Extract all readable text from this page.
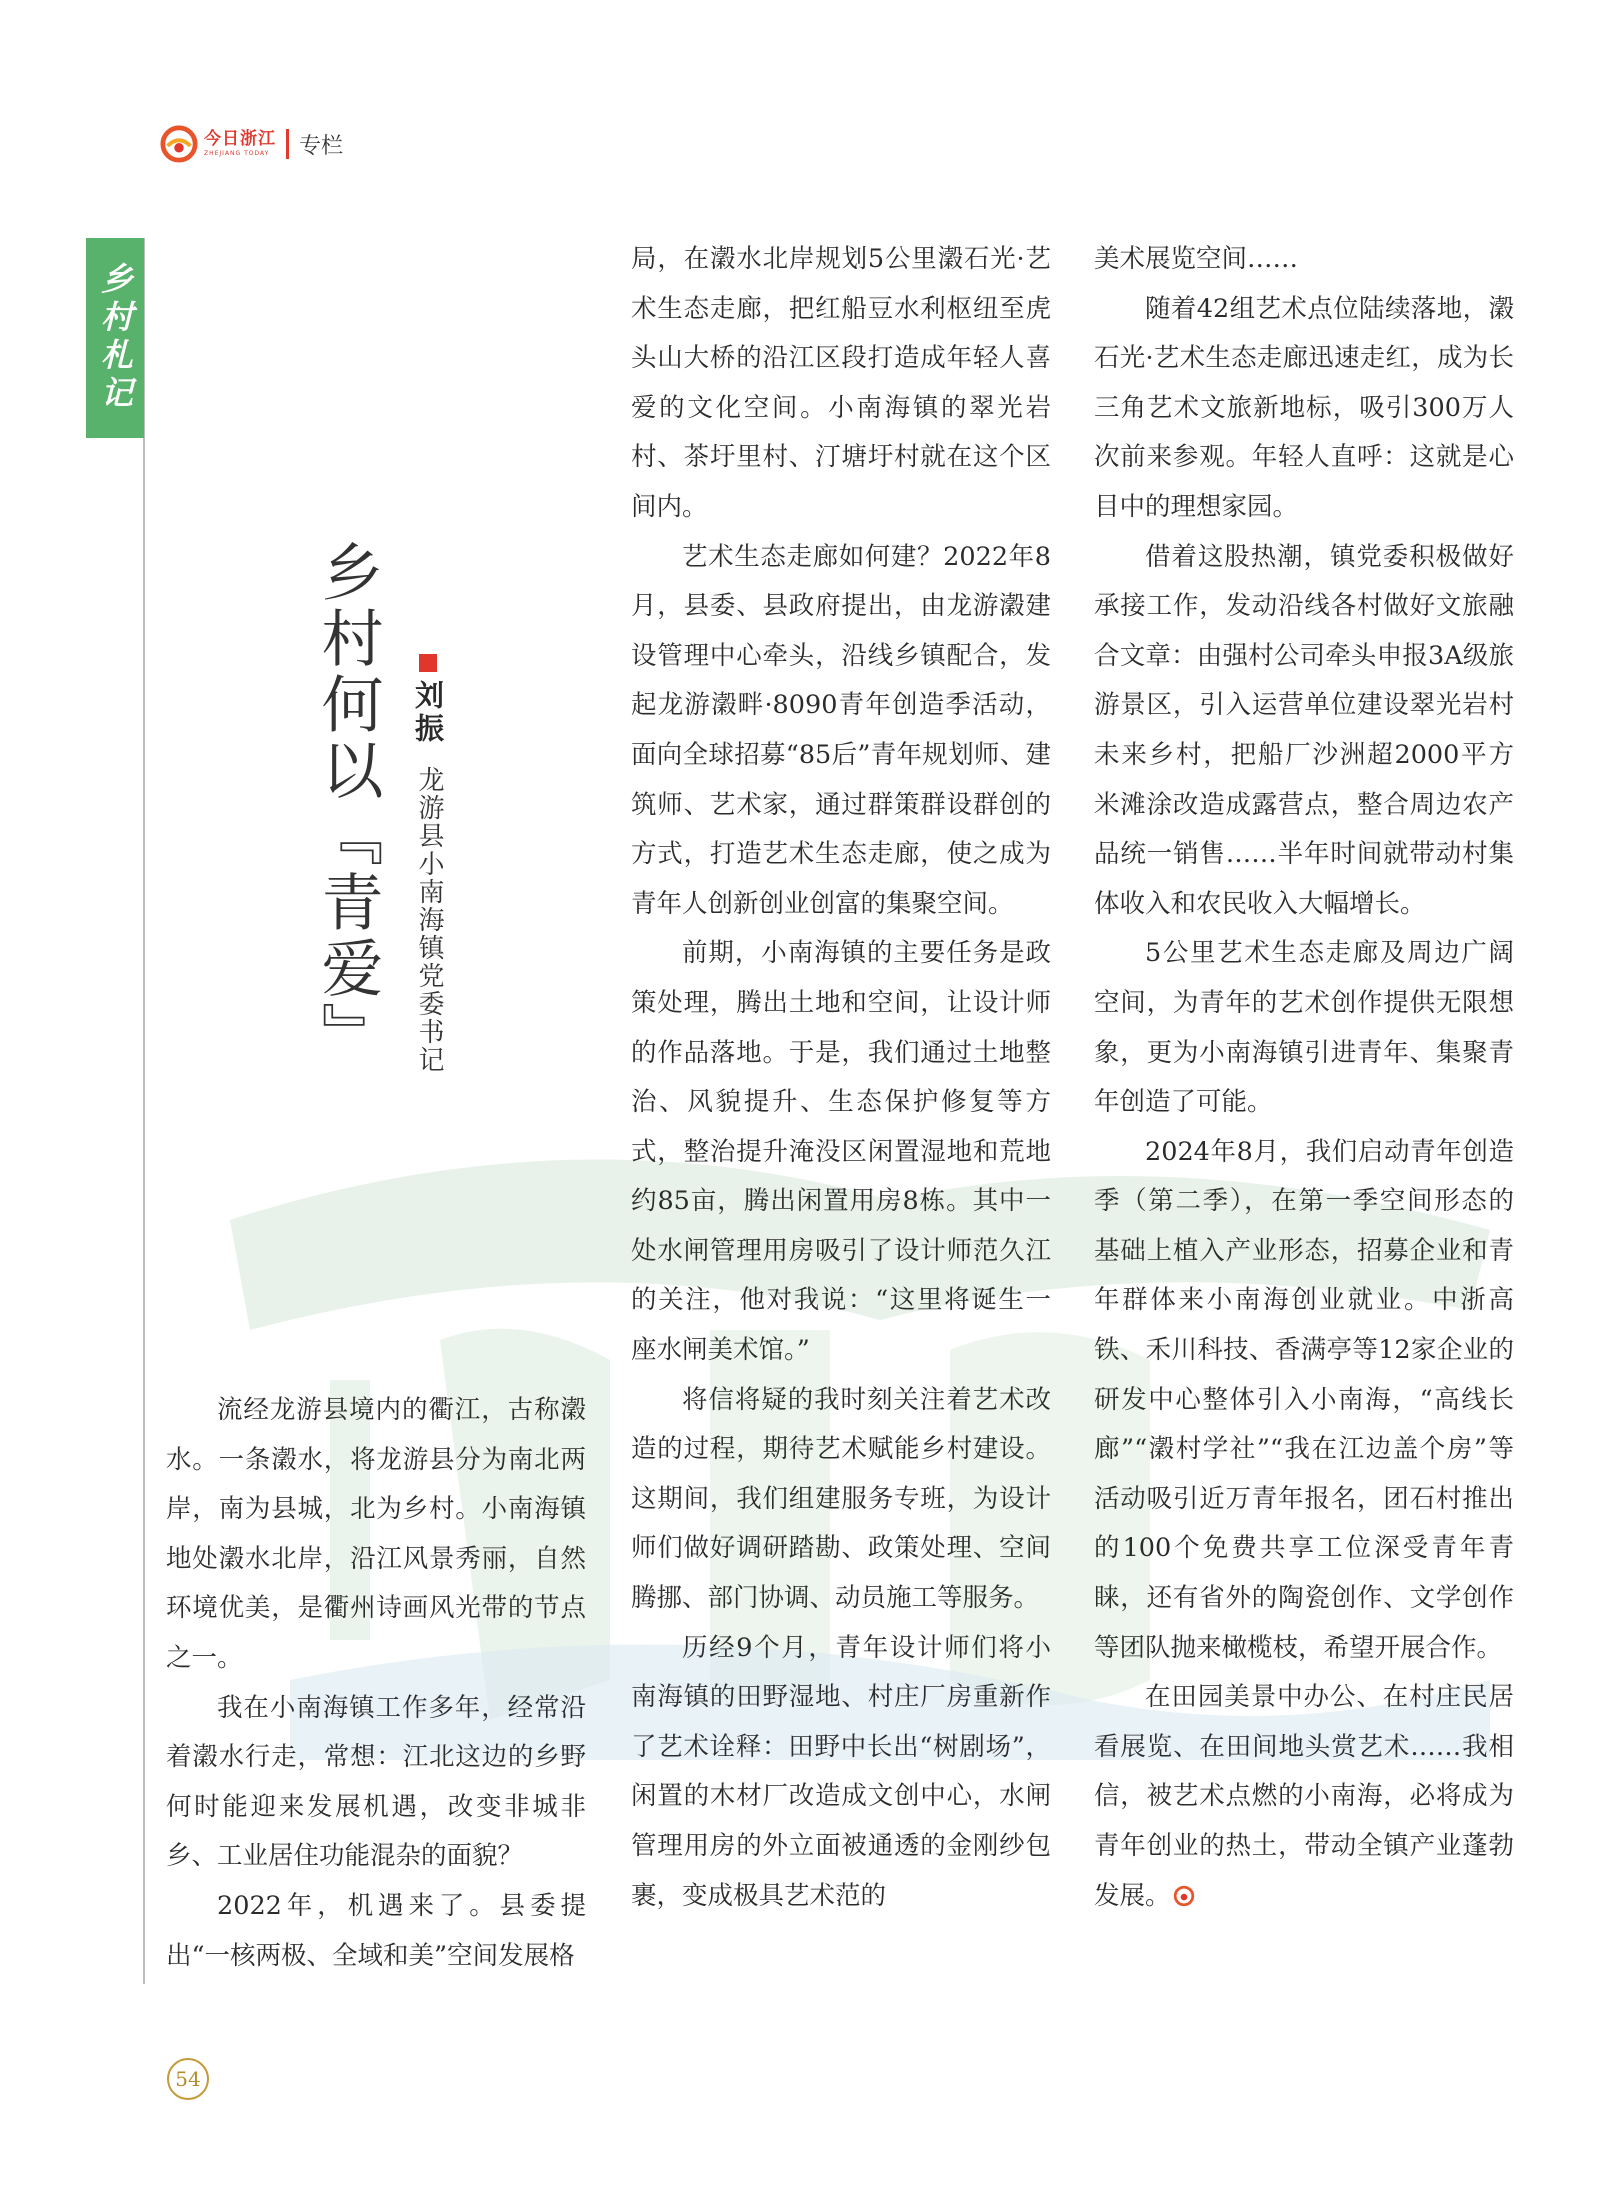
今日浙江
ZHEJIANG TODAY	专栏
乡村札记
乡村何以『青爱』 刘振
龙游县小南海镇党委书记

流经龙游县境内的衢江，古称瀔水。一条瀔水，将龙游县分为南北两岸，南为县城，北为乡村。小南海镇地处瀔水北岸，沿江风景秀丽，自然环境优美，是衢州诗画风光带的节点之一。

我在小南海镇工作多年，经常沿着瀔水行走，常想：江北这边的乡野何时能迎来发展机遇，改变非城非乡、工业居住功能混杂的面貌？

2022年，机遇来了。县委提出“一核两极、全域和美”空间发展格

局，在瀔水北岸规划5公里瀔石光·艺术生态走廊，把红船豆水利枢纽至虎头山大桥的沿江区段打造成年轻人喜爱的文化空间。小南海镇的翠光岩村、茶圩里村、汀塘圩村就在这个区间内。

艺术生态走廊如何建？2022年8月，县委、县政府提出，由龙游瀔建设管理中心牵头，沿线乡镇配合，发起龙游瀔畔·8090青年创造季活动，面向全球招募“85后”青年规划师、建筑师、艺术家，通过群策群设群创的方式，打造艺术生态走廊，使之成为青年人创新创业创富的集聚空间。

前期，小南海镇的主要任务是政策处理，腾出土地和空间，让设计师的作品落地。于是，我们通过土地整治、风貌提升、生态保护修复等方式，整治提升淹没区闲置湿地和荒地约85亩，腾出闲置用房8栋。其中一处水闸管理用房吸引了设计师范久江的关注，他对我说：“这里将诞生一座水闸美术馆。”

将信将疑的我时刻关注着艺术改造的过程，期待艺术赋能乡村建设。这期间，我们组建服务专班，为设计师们做好调研踏勘、政策处理、空间腾挪、部门协调、动员施工等服务。

历经9个月，青年设计师们将小南海镇的田野湿地、村庄厂房重新作了艺术诠释：田野中长出“树剧场”，闲置的木材厂改造成文创中心，水闸管理用房的外立面被通透的金刚纱包裹，变成极具艺术范的

美术展览空间……

随着42组艺术点位陆续落地，瀔石光·艺术生态走廊迅速走红，成为长三角艺术文旅新地标，吸引300万人次前来参观。年轻人直呼：这就是心目中的理想家园。

借着这股热潮，镇党委积极做好承接工作，发动沿线各村做好文旅融合文章：由强村公司牵头申报3A级旅游景区，引入运营单位建设翠光岩村未来乡村，把船厂沙洲超2000平方米滩涂改造成露营点，整合周边农产品统一销售……半年时间就带动村集体收入和农民收入大幅增长。

5公里艺术生态走廊及周边广阔空间，为青年的艺术创作提供无限想象，更为小南海镇引进青年、集聚青年创造了可能。

2024年8月，我们启动青年创造季（第二季），在第一季空间形态的基础上植入产业形态，招募企业和青年群体来小南海创业就业。中浙高铁、禾川科技、香满亭等12家企业的研发中心整体引入小南海，“高线长廊”“瀔村学社”“我在江边盖个房”等活动吸引近万青年报名，团石村推出的100个免费共享工位深受青年青睐，还有省外的陶瓷创作、文学创作等团队抛来橄榄枝，希望开展合作。

在田园美景中办公、在村庄民居看展览、在田间地头赏艺术……我相信，被艺术点燃的小南海，必将成为青年创业的热土，带动全镇产业蓬勃发展。

54
